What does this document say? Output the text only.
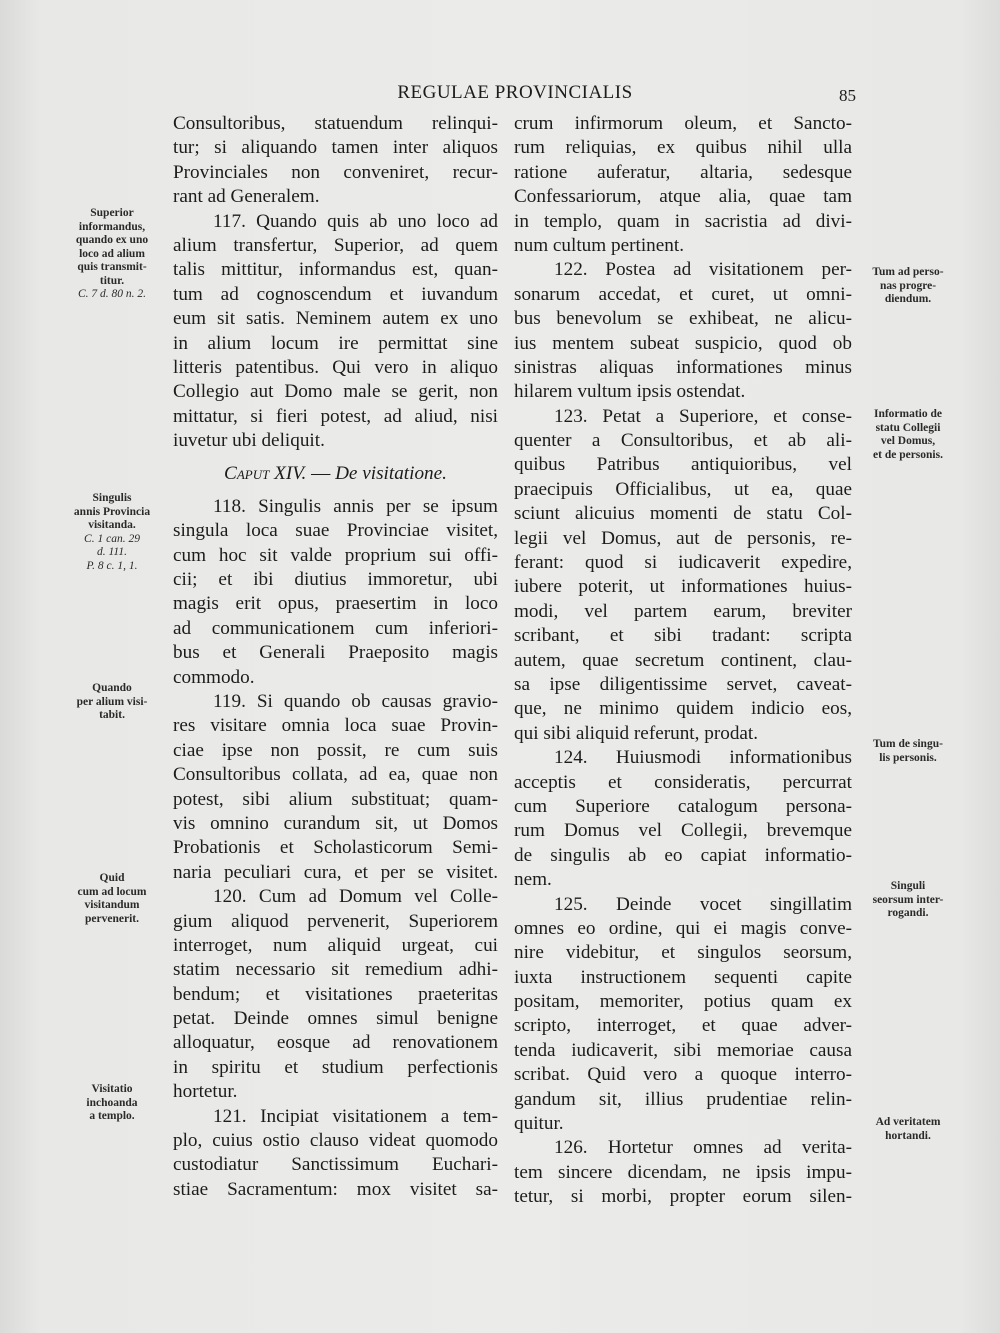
REGULAE PROVINCIALIS	85
Consultoribus, statuendum relinqui-
tur; si aliquando tamen inter aliquos
Provinciales non conveniret, recur-
rant ad Generalem.
117. Quando quis ab uno loco ad
alium transfertur, Superior, ad quem
talis mittitur, informandus est, quan-
tum ad cognoscendum et iuvandum
eum sit satis. Neminem autem ex uno
in alium locum ire permittat sine
litteris patentibus. Qui vero in aliquo
Collegio aut Domo male se gerit, non
mittatur, si fieri potest, ad aliud, nisi
iuvetur ubi deliquit.
Caput XIV. — De visitatione.
118. Singulis annis per se ipsum
singula loca suae Provinciae visitet,
cum hoc sit valde proprium sui offi-
cii; et ibi diutius immoretur, ubi
magis erit opus, praesertim in loco
ad communicationem cum inferiori-
bus et Generali Praeposito magis
commodo.
119. Si quando ob causas gravio-
res visitare omnia loca suae Provin-
ciae ipse non possit, re cum suis
Consultoribus collata, ad ea, quae non
potest, sibi alium substituat; quam-
vis omnino curandum sit, ut Domos
Probationis et Scholasticorum Semi-
naria peculiari cura, et per se visitet.
120. Cum ad Domum vel Colle-
gium aliquod pervenerit, Superiorem
interroget, num aliquid urgeat, cui
statim necessario sit remedium adhi-
bendum; et visitationes praeteritas
petat. Deinde omnes simul benigne
alloquatur, eosque ad renovationem
in spiritu et studium perfectionis
hortetur.
121. Incipiat visitationem a tem-
plo, cuius ostio clauso videat quomodo
custodiatur Sanctissimum Euchari-
stiae Sacramentum: mox visitet sa-
crum infirmorum oleum, et Sancto-
rum reliquias, ex quibus nihil ulla
ratione auferatur, altaria, sedesque
Confessariorum, atque alia, quae tam
in templo, quam in sacristia ad divi-
num cultum pertinent.
122. Postea ad visitationem per-
sonarum accedat, et curet, ut omni-
bus benevolum se exhibeat, ne alicu-
ius mentem subeat suspicio, quod ob
sinistras aliquas informationes minus
hilarem vultum ipsis ostendat.
123. Petat a Superiore, et conse-
quenter a Consultoribus, et ab ali-
quibus Patribus antiquioribus, vel
praecipuis Officialibus, ut ea, quae
sciunt alicuius momenti de statu Col-
legii vel Domus, aut de personis, re-
ferant: quod si iudicaverit expedire,
iubere poterit, ut informationes huius-
modi, vel partem earum, breviter
scribant, et sibi tradant: scripta
autem, quae secretum continent, clau-
sa ipse diligentissime servet, caveat-
que, ne minimo quidem indicio eos,
qui sibi aliquid referunt, prodat.
124. Huiusmodi informationibus
acceptis et consideratis, percurrat
cum Superiore catalogum persona-
rum Domus vel Collegii, brevemque
de singulis ab eo capiat informatio-
nem.
125. Deinde vocet singillatim
omnes eo ordine, qui ei magis conve-
nire videbitur, et singulos seorsum,
iuxta instructionem sequenti capite
positam, memoriter, potius quam ex
scripto, interroget, et quae adver-
tenda iudicaverit, sibi memoriae causa
scribat. Quid vero a quoque interro-
gandum sit, illius prudentiae relin-
quitur.
126. Hortetur omnes ad verita-
tem sincere dicendam, ne ipsis impu-
tetur, si morbi, propter eorum silen-
Superior
informandus,
quando ex uno
loco ad alium
quis transmit-
titur.
C. 7 d. 80 n. 2.
Singulis
annis Provincia
visitanda.
C. 1 can. 29
d. 111.
P. 8 c. 1, 1.
Quando
per alium visi-
tabit.
Quid
cum ad locum
visitandum
pervenerit.
Visitatio
inchoanda
a templo.
Tum ad perso-
nas progre-
diendum.
Informatio de
statu Collegii
vel Domus,
et de personis.
Tum de singu-
lis personis.
Singuli
seorsum inter-
rogandi.
Ad veritatem
hortandi.
